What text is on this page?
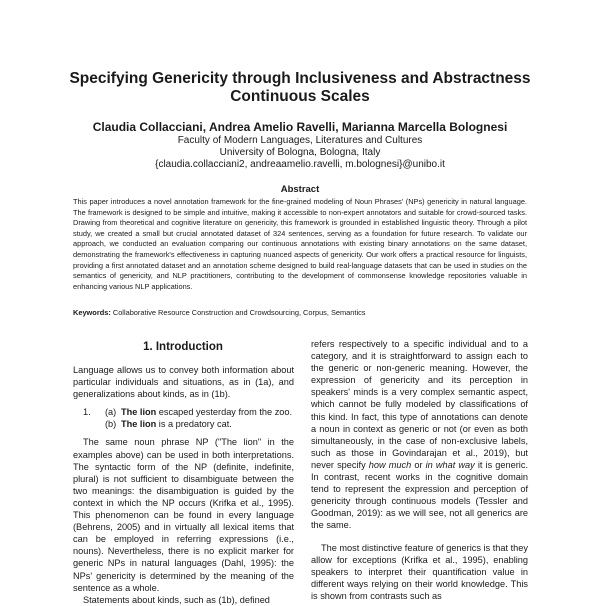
Specifying Genericity through Inclusiveness and Abstractness Continuous Scales
Claudia Collacciani, Andrea Amelio Ravelli, Marianna Marcella Bolognesi
Faculty of Modern Languages, Literatures and Cultures
University of Bologna, Bologna, Italy
{claudia.collacciani2, andreaamelio.ravelli, m.bolognesi}@unibo.it
Abstract
This paper introduces a novel annotation framework for the fine-grained modeling of Noun Phrases' (NPs) genericity in natural language. The framework is designed to be simple and intuitive, making it accessible to non-expert annotators and suitable for crowd-sourced tasks. Drawing from theoretical and cognitive literature on genericity, this framework is grounded in established linguistic theory. Through a pilot study, we created a small but crucial annotated dataset of 324 sentences, serving as a foundation for future research. To validate our approach, we conducted an evaluation comparing our continuous annotations with existing binary annotations on the same dataset, demonstrating the framework's effectiveness in capturing nuanced aspects of genericity. Our work offers a practical resource for linguists, providing a first annotated dataset and an annotation scheme designed to build real-language datasets that can be used in studies on the semantics of genericity, and NLP practitioners, contributing to the development of commonsense knowledge repositories valuable in enhancing various NLP applications.
Keywords: Collaborative Resource Construction and Crowdsourcing, Corpus, Semantics
1. Introduction

Language allows us to convey both information about particular individuals and situations, as in (1a), and generalizations about kinds, as in (1b).

1.	(a) The lion escaped yesterday from the zoo.
(b) The lion is a predatory cat.

The same noun phrase NP ("The lion" in the examples above) can be used in both interpretations. The syntactic form of the NP (definite, indefinite, plural) is not sufficient to disambiguate between the two meanings: the disambiguation is guided by the context in which the NP occurs (Krifka et al., 1995). This phenomenon can be found in every language (Behrens, 2005) and in virtually all lexical items that can be employed in referring expressions (i.e., nouns). Nevertheless, there is no explicit marker for generic NPs in natural languages (Dahl, 1995): the NPs' genericity is determined by the meaning of the sentence as a whole.

Statements about kinds, such as (1b), defined

refers respectively to a specific individual and to a category, and it is straightforward to assign each to the generic or non-generic meaning. However, the expression of genericity and its perception in speakers' minds is a very complex semantic aspect, which cannot be fully modeled by classifications of this kind. In fact, this type of annotations can denote a noun in context as generic or not (or even as both simultaneously, in the case of non-exclusive labels, such as those in Govindarajan et al., 2019), but never specify how much or in what way it is generic. In contrast, recent works in the cognitive domain tend to represent the expression and perception of genericity through continuous models (Tessler and Goodman, 2019): as we will see, not all generics are the same.

The most distinctive feature of generics is that they allow for exceptions (Krifka et al., 1995), enabling speakers to interpret their quantification value in different ways relying on their world knowledge. This is shown from contrasts such as
